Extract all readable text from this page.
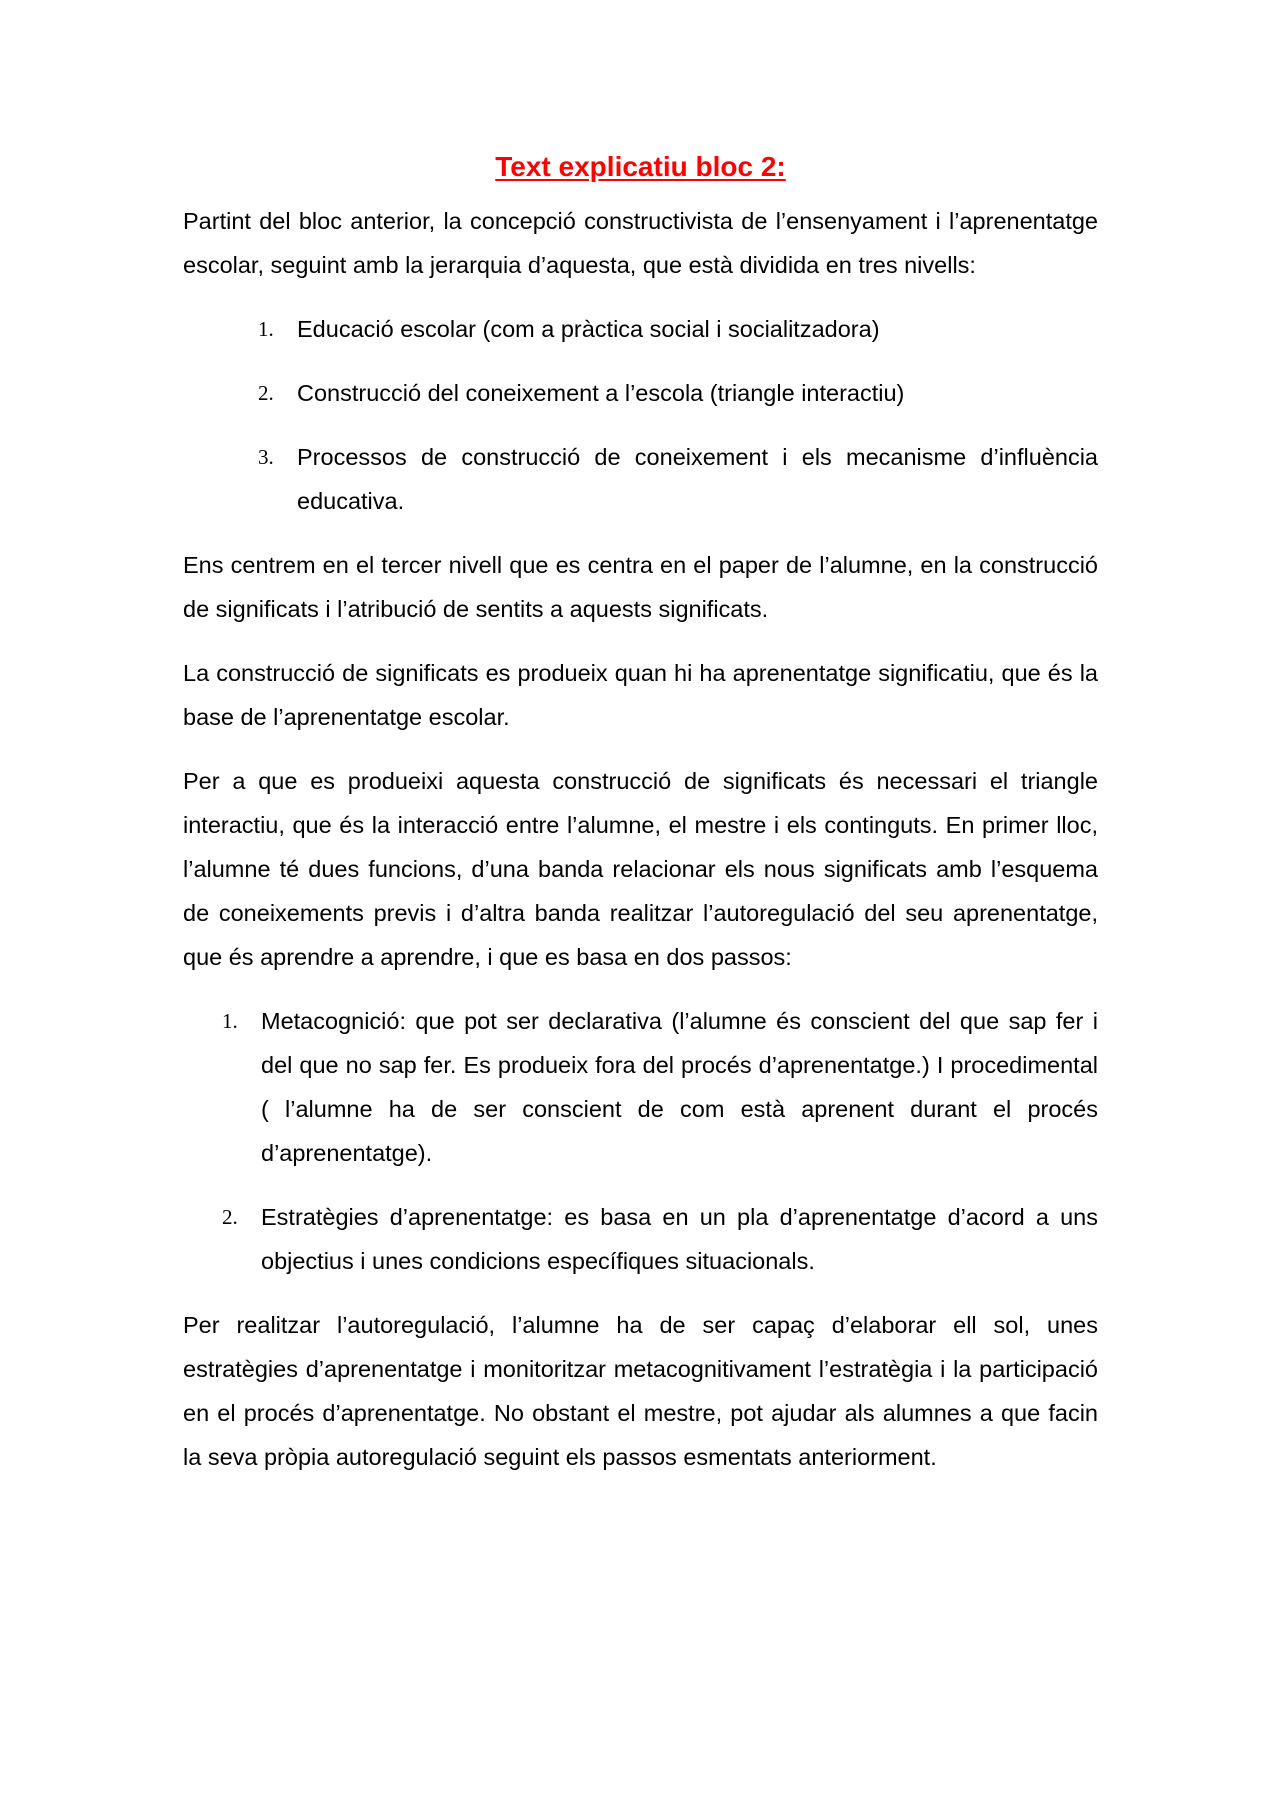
Text explicatiu bloc 2:

Partint del bloc anterior, la concepció constructivista de l’ensenyament i l’aprenentatge escolar, seguint amb la jerarquia d’aquesta, que està dividida en tres nivells:

1. Educació escolar (com a pràctica social i socialitzadora)
2. Construcció del coneixement a l’escola (triangle interactiu)
3. Processos de construcció de coneixement i els mecanisme d’influència educativa.

Ens centrem en el tercer nivell que es centra en el paper de l’alumne, en la construcció de significats i l’atribució de sentits a aquests significats.

La construcció de significats es produeix quan hi ha aprenentatge significatiu, que és la base de l’aprenentatge escolar.

Per a que es produeixi aquesta construcció de significats és necessari el triangle interactiu, que és la interacció entre l’alumne, el mestre i els continguts. En primer lloc, l’alumne té dues funcions, d’una banda relacionar els nous significats amb l’esquema de coneixements previs i d’altra banda realitzar l’autoregulació del seu aprenentatge, que és aprendre a aprendre, i que es basa en dos passos:

1. Metacognició: que pot ser declarativa (l’alumne és conscient del que sap fer i del que no sap fer. Es produeix fora del procés d’aprenentatge.) I procedimental ( l’alumne ha de ser conscient de com està aprenent durant el procés d’aprenentatge).
2. Estratègies d’aprenentatge: es basa en un pla d’aprenentatge d’acord a uns objectius i unes condicions específiques situacionals.

Per realitzar l’autoregulació, l’alumne ha de ser capaç d’elaborar ell sol, unes estratègies d’aprenentatge i monitoritzar metacognitivament l’estratègia i la participació en el procés d’aprenentatge. No obstant el mestre, pot ajudar als alumnes a que facin la seva pròpia autoregulació seguint els passos esmentats anteriorment.
